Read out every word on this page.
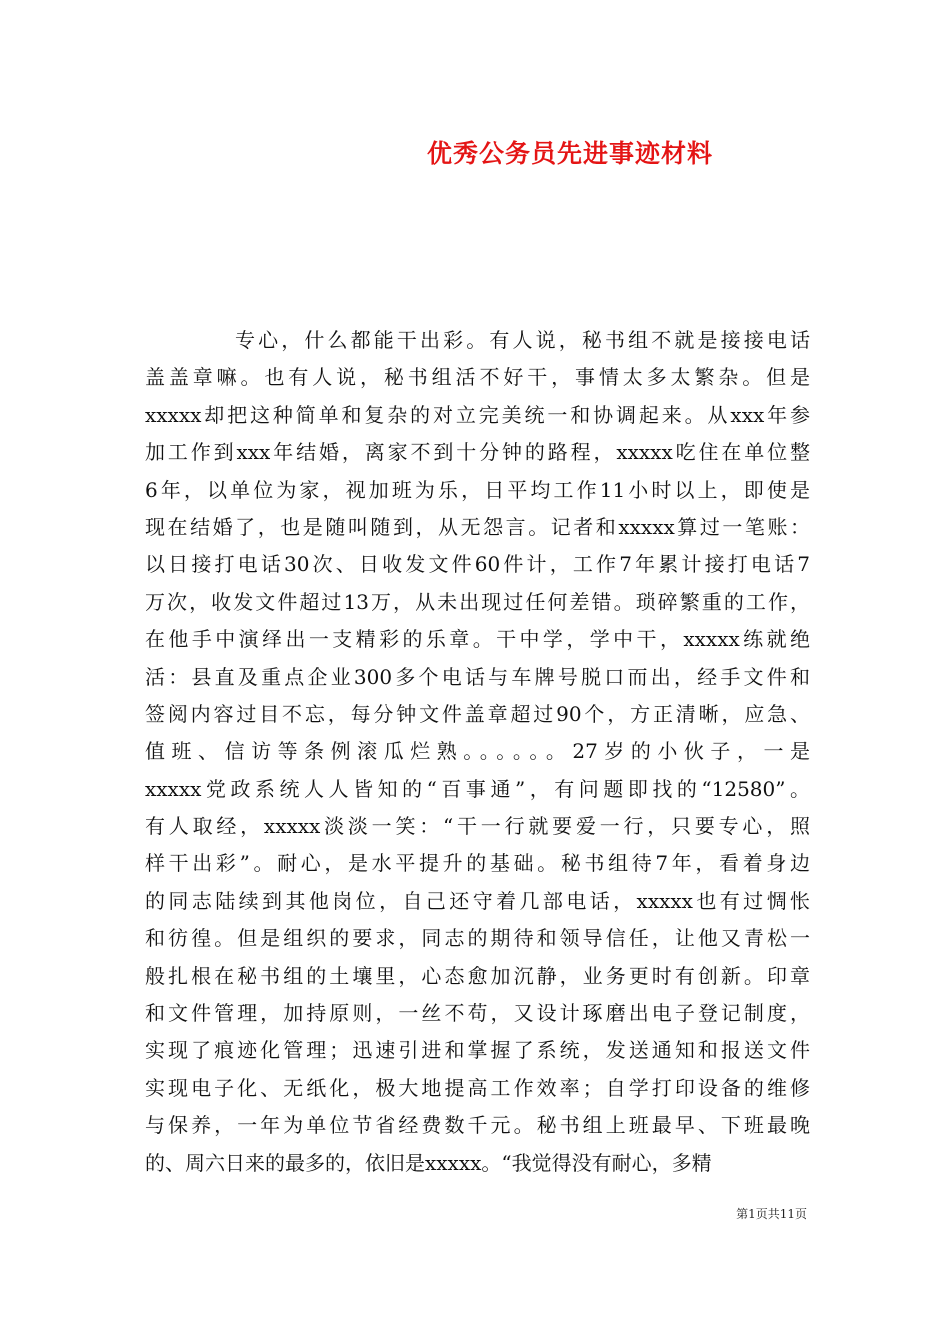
优秀公务员先进事迹材料
专心，什么都能干出彩。有人说，秘书组不就是接接电话
盖盖章嘛。也有人说，秘书组活不好干，事情太多太繁杂。但是
xxxxx却把这种简单和复杂的对立完美统一和协调起来。从xxx年参
加工作到xxx年结婚，离家不到十分钟的路程，xxxxx吃住在单位整
6年，以单位为家，视加班为乐，日平均工作11小时以上，即使是
现在结婚了，也是随叫随到，从无怨言。记者和xxxxx算过一笔账：
以日接打电话30次、日收发文件60件计，工作7年累计接打电话7
万次，收发文件超过13万，从未出现过任何差错。琐碎繁重的工作，
在他手中演绎出一支精彩的乐章。干中学，学中干，xxxxx练就绝
活：县直及重点企业300多个电话与车牌号脱口而出，经手文件和
签阅内容过目不忘，每分钟文件盖章超过90个，方正清晰，应急、
值班、信访等条例滚瓜烂熟。。。。。。27岁的小伙子，一是
xxxxx党政系统人人皆知的“百事通”，有问题即找的“12580”。
有人取经，xxxxx淡淡一笑：“干一行就要爱一行，只要专心，照
样干出彩”。耐心，是水平提升的基础。秘书组待7年，看着身边
的同志陆续到其他岗位，自己还守着几部电话，xxxxx也有过惆怅
和彷徨。但是组织的要求，同志的期待和领导信任，让他又青松一
般扎根在秘书组的土壤里，心态愈加沉静，业务更时有创新。印章
和文件管理，加持原则，一丝不苟，又设计琢磨出电子登记制度，
实现了痕迹化管理；迅速引进和掌握了系统，发送通知和报送文件
实现电子化、无纸化，极大地提高工作效率；自学打印设备的维修
与保养，一年为单位节省经费数千元。秘书组上班最早、下班最晚
的、周六日来的最多的，依旧是xxxxx。“我觉得没有耐心，多精
第1页共11页
